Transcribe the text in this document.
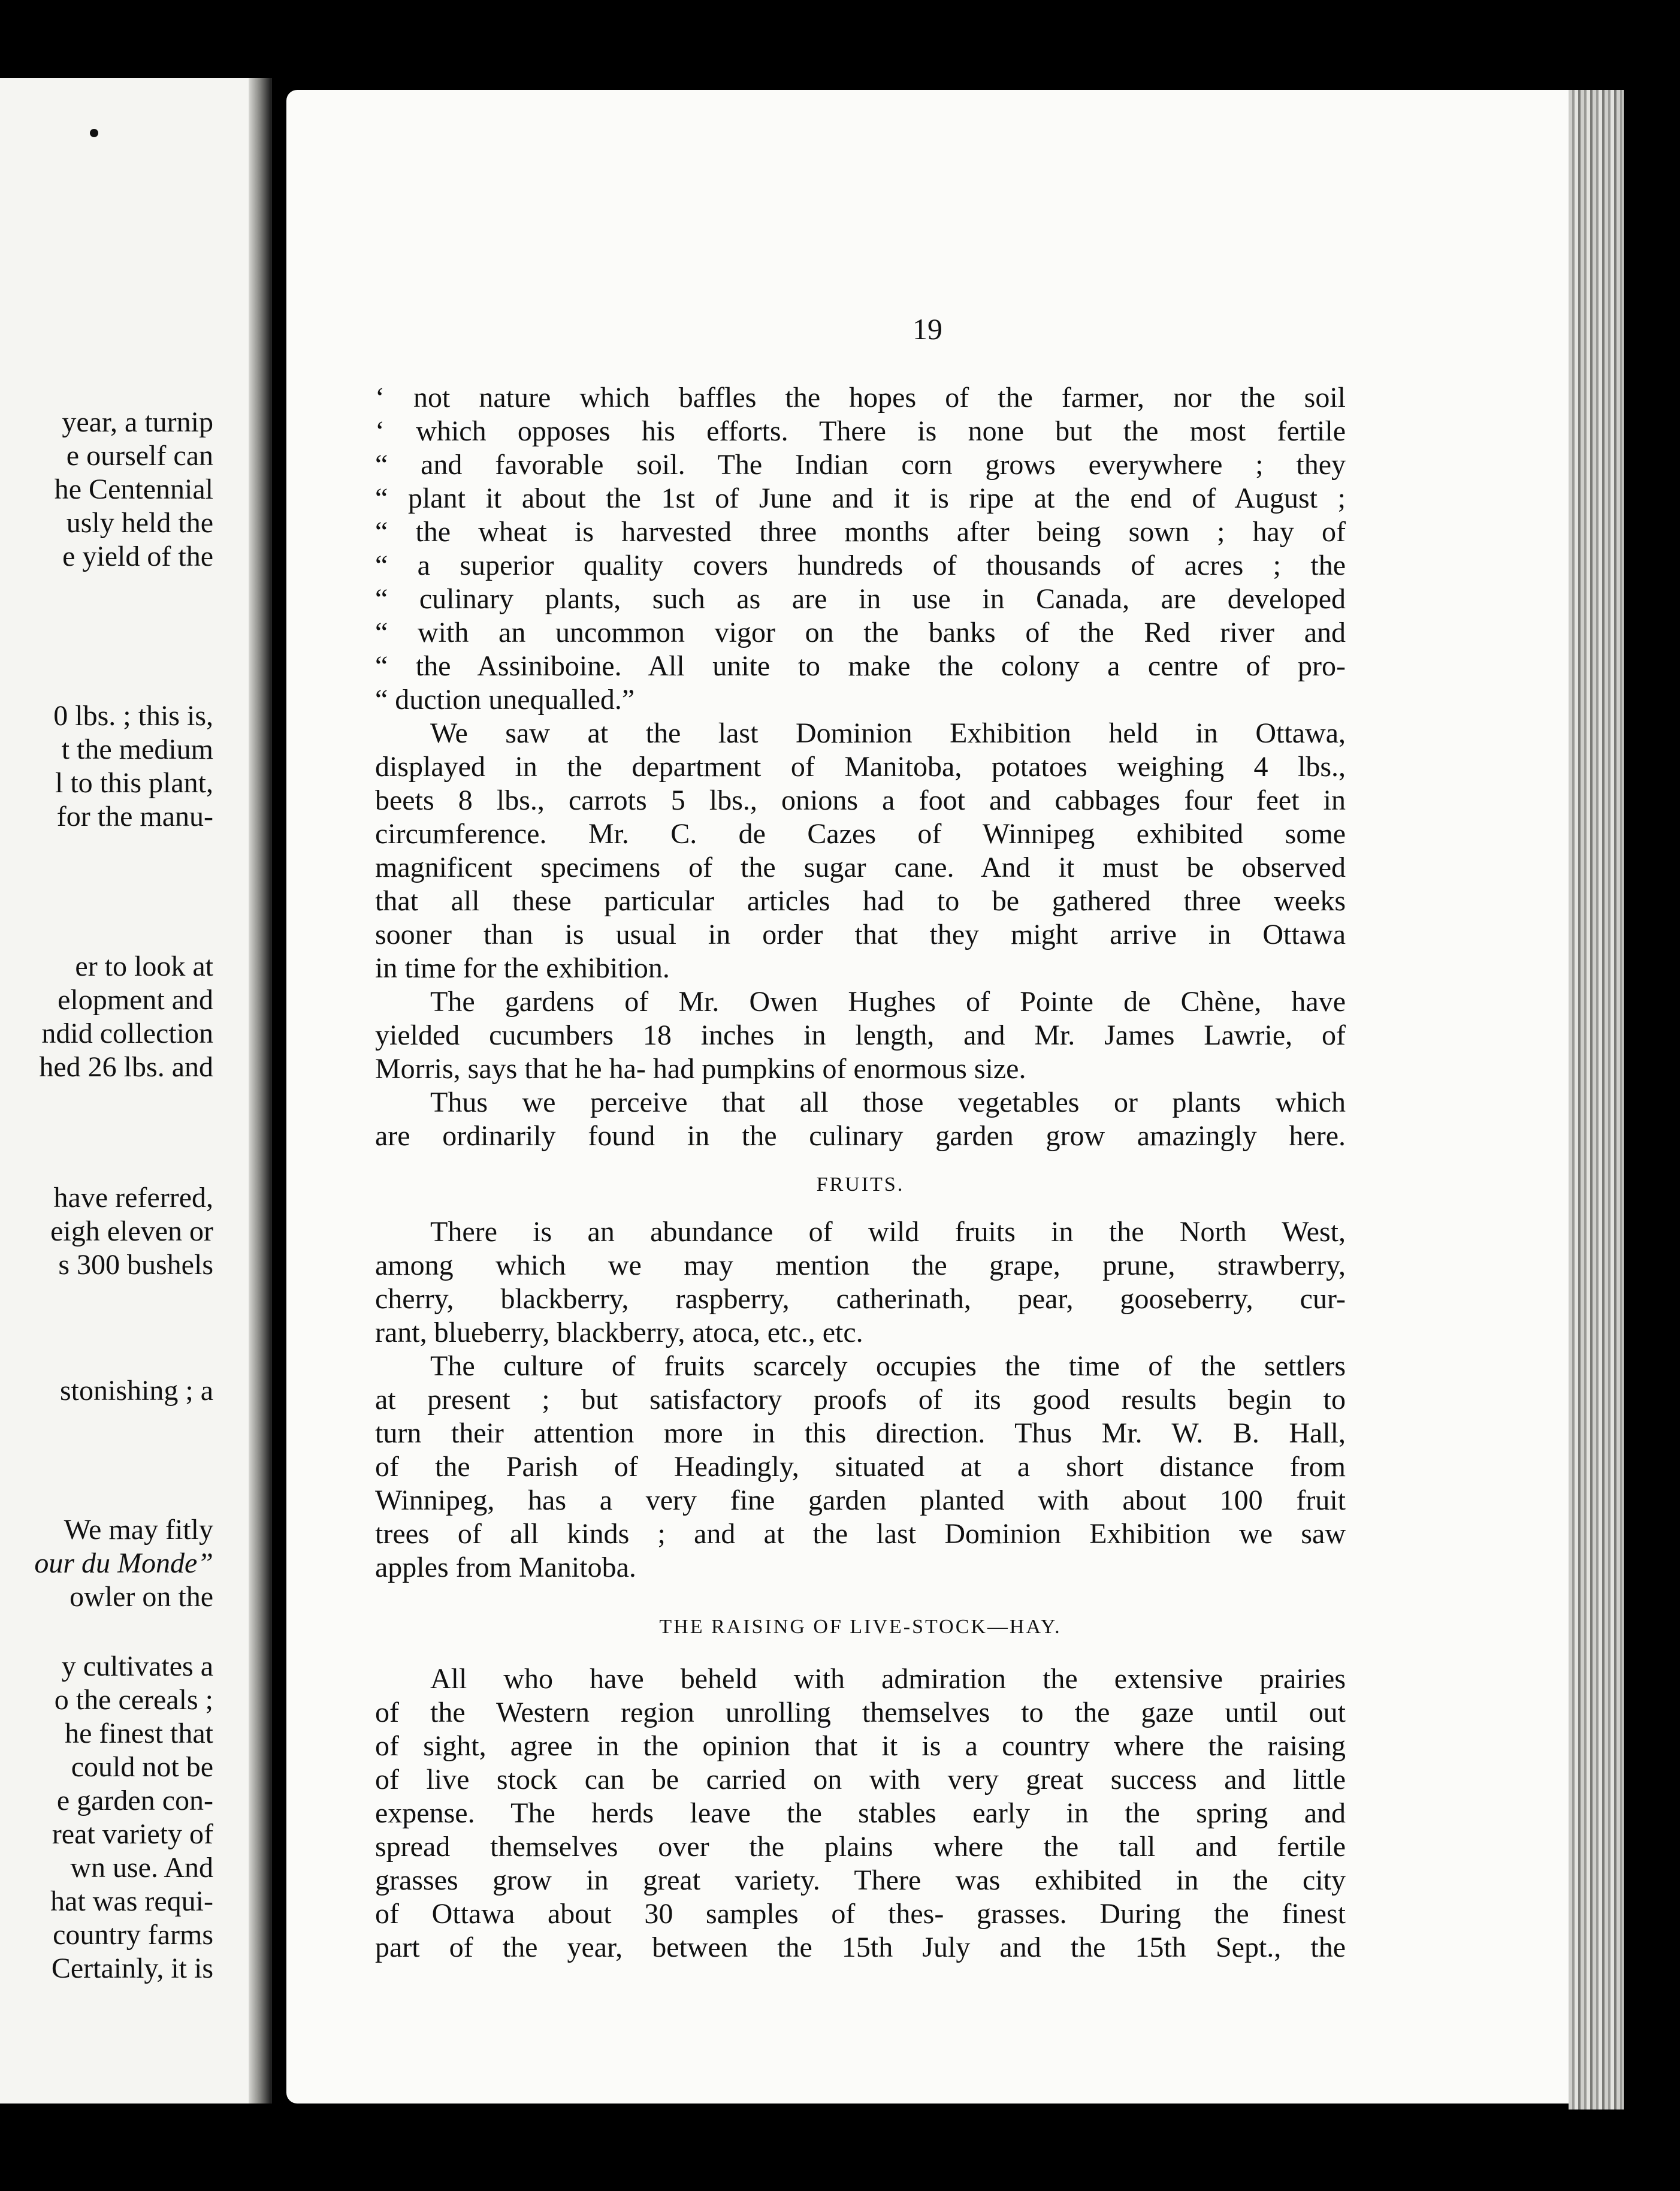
year, a turnip
e ourself can
he Centennial
usly held the
e yield of the
0 lbs. ; this is,
t the medium
l to this plant,
for the manu-
er to look at
elopment and
ndid collection
hed 26 lbs. and
have referred,
eigh eleven or
s 300 bushels
stonishing ; a
We may fitly
our du Monde”
owler on the
y cultivates a
o the cereals ;
he finest that
could not be
e garden con-
reat variety of
wn use. And
hat was requi-
country farms
Certainly, it is
19
‘ not nature which baffles the hopes of the farmer, nor the soil
‘ which opposes his efforts. There is none but the most fertile
“ and favorable soil. The Indian corn grows everywhere ; they
“ plant it about the 1st of June and it is ripe at the end of August ;
“ the wheat is harvested three months after being sown ; hay of
“ a superior quality covers hundreds of thousands of acres ; the
“ culinary plants, such as are in use in Canada, are developed
“ with an uncommon vigor on the banks of the Red river and
“ the Assiniboine. All unite to make the colony a centre of pro-
“ duction unequalled.”
We saw at the last Dominion Exhibition held in Ottawa,
displayed in the department of Manitoba, potatoes weighing 4 lbs.,
beets 8 lbs., carrots 5 lbs., onions a foot and cabbages four feet in
circumference. Mr. C. de Cazes of Winnipeg exhibited some
magnificent specimens of the sugar cane. And it must be observed
that all these particular articles had to be gathered three weeks
sooner than is usual in order that they might arrive in Ottawa
in time for the exhibition.
The gardens of Mr. Owen Hughes of Pointe de Chène, have
yielded cucumbers 18 inches in length, and Mr. James Lawrie, of
Morris, says that he ha- had pumpkins of enormous size.
Thus we perceive that all those vegetables or plants which
are ordinarily found in the culinary garden grow amazingly here.
FRUITS.
There is an abundance of wild fruits in the North West,
among which we may mention the grape, prune, strawberry,
cherry, blackberry, raspberry, catherinath, pear, gooseberry, cur-
rant, blueberry, blackberry, atoca, etc., etc.
The culture of fruits scarcely occupies the time of the settlers
at present ; but satisfactory proofs of its good results begin to
turn their attention more in this direction. Thus Mr. W. B. Hall,
of the Parish of Headingly, situated at a short distance from
Winnipeg, has a very fine garden planted with about 100 fruit
trees of all kinds ; and at the last Dominion Exhibition we saw
apples from Manitoba.
THE RAISING OF LIVE-STOCK—HAY.
All who have beheld with admiration the extensive prairies
of the Western region unrolling themselves to the gaze until out
of sight, agree in the opinion that it is a country where the raising
of live stock can be carried on with very great success and little
expense. The herds leave the stables early in the spring and
spread themselves over the plains where the tall and fertile
grasses grow in great variety. There was exhibited in the city
of Ottawa about 30 samples of thes- grasses. During the finest
part of the year, between the 15th July and the 15th Sept., the
